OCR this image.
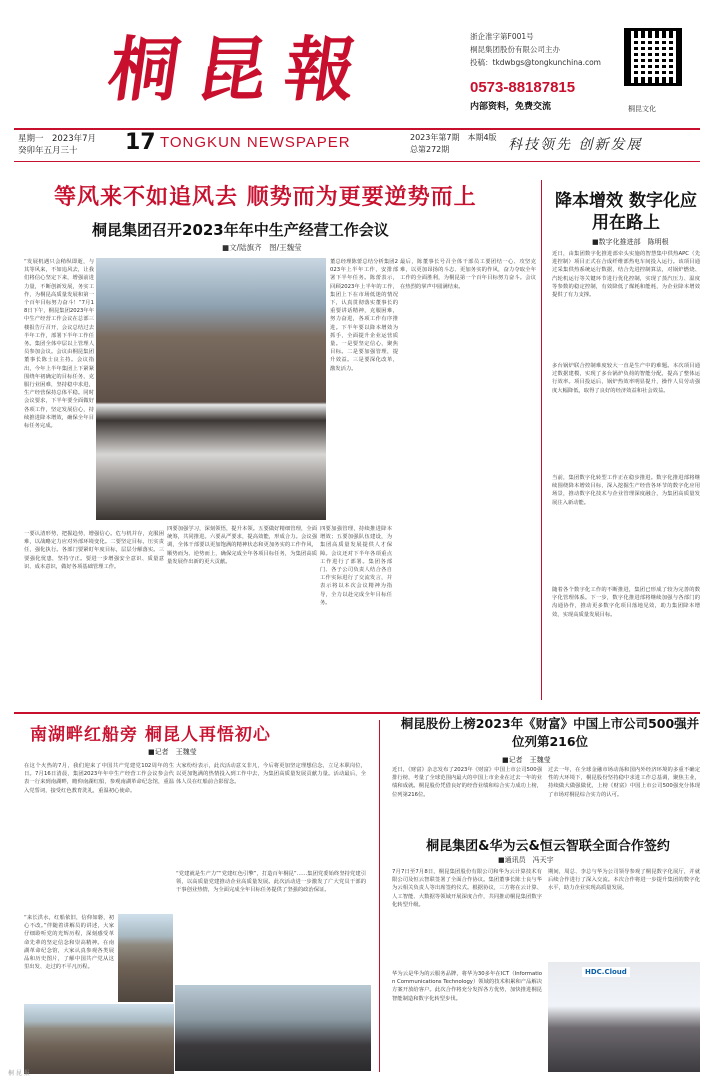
桐昆報	浙企准字第F001号
桐昆集团股份有限公司主办
投稿：tkdwbgs@tongkunchina.com
0573-88187815
内部资料，免费交流	桐昆文化
星期一　2023年7月
癸卯年五月三十	17 TONGKUN NEWSPAPER	2023年第7期　本期4版
总第272期	科技领先 创新发展
等风来不如追风去 顺势而为更要逆势而上
桐昆集团召开2023年年中生产经营工作会议
■文/陆旗齐　图/王魏莹
“发展机遇只会稍纵即逝，与其等风来，不如追风去，让我们将信心坚定下来，增强前进力量，不断创新发展，务实工作，为桐昆高质量发展和第一个百年目标努力奋斗！”7月18日下午，桐昆集团2023年年中生产经营工作会议在总部三楼报告厅召开，会议总结过去半年工作，部署下半年工作任务。集团全体中层以上管理人员参加会议。会议由桐昆集团董事长陈士良主持。会议指出，今年上半年集团上下紧紧围绕年初确定的目标任务，克服行业困难，坚持稳中求进，生产经营保持总体平稳。同时会议要求，下半年要全面做好各项工作，坚定发展信心，持续推进降本增效，确保全年目标任务完成。
一要认清形势，把握趋势，增强信心。危与机并存，克服困难，以战略定力应对外部环境变化。二要坚定目标，压实责任，强化执行。各部门要紧盯年度目标，层层分解落实。三要强化忧患，坚持守正。要进一步增强安全意识、质量意识、成本意识，做好各项基础管理工作。
四要加强学习，深刻领悟，提升本领。五要做好精细管理，全面统筹，共同推进。六要从严要求，提高效能，形成合力。会议强调，全体干部要以更加饱满的精神状态和更加务实的工作作风，顺势而为、逆势而上，确保完成全年各项目标任务，为集团高质量发展作出新的更大贡献。
董总经理陈蕾总结分析集团2023年上半年工作，安排部署下半年任务。陈蕾表示，回顾2023年上半年的工作，集团上下在市场低迷的情况下，认真贯彻落实董事长的重要讲话精神，克服困难，努力奋进，各项工作有序推进。下半年要以降本增效为抓手，全面提升企业运营质量。一是要坚定信心，聚焦目标。二是要加强管理，提升效益。三是要深化改革，激发活力。
四要加强管理，持续推进降本增效；五要加强队伍建设，为集团高质量发展提供人才保障。会议还对下半年各项重点工作进行了部署。集团各部门、各子公司负责人结合各自工作实际进行了交流发言，并表示将以本次会议精神为指导，全力以赴完成全年目标任务。
最后，陈董事长号召全体干部员工要团结一心、攻坚克难，以更加昂扬的斗志、更加务实的作风，奋力夺取全年工作的全面胜利，为桐昆第一个百年目标努力奋斗。会议在热烈的掌声中圆满结束。
降本增效 数字化应用在路上
■数字化推进部　陈明根
近日，由集团数字化推进部牵头实施的智慧集中供热APC（先进控制）项目正式在合成纤维部热电车间投入运行。该项目通过采集供热系统运行数据，结合先进控制算法，对锅炉燃烧、汽轮机运行等关键环节进行优化控制，实现了蒸汽压力、温度等参数的稳定控制，有效降低了煤耗和能耗，为企业降本增效提供了有力支撑。
多台锅炉联合控制难度较大一直是生产中的难题。本次项目通过数据建模，实现了多台锅炉负荷的智能分配，提高了整体运行效率。项目投运后，锅炉热效率明显提升，操作人员劳动强度大幅降低，取得了良好的经济效益和社会效益。
当前，集团数字化转型工作正在稳步推进。数字化推进部将继续围绕降本增效目标，深入挖掘生产经营各环节的数字化应用场景，推动数字化技术与企业管理深度融合，为集团高质量发展注入新动能。
随着各个数字化工作的不断推进，集团已形成了较为完善的数字化管理体系。下一步，数字化推进部将继续加强与各部门的沟通协作，推动更多数字化项目落地见效，助力集团降本增效，实现高质量发展目标。
南湖畔红船旁 桐昆人再悟初心
■记者　王魏莹
在这个火热的7月，我们迎来了中国共产党建党102周年的生日。7月16日清晨，集团2023年年中生产经营工作会议参会代表一行来到南湖畔，瞻仰南湖红船，参观南湖革命纪念馆，重温入党誓词，接受红色教育洗礼，重温初心使命。
“来长洪水，红船依旧，信仰如磐，初心不改。”伴随着讲解员的讲述，大家仔细聆听党的光辉历程，深刻感受革命先辈的坚定信念和崇高精神。在南湖革命纪念馆，大家认真参观各类展品和历史图片，了解中国共产党从这里出发、走过的不平凡历程。
大家纷纷表示，此次活动意义非凡，今后将更加坚定理想信念，立足本职岗位，以更加饱满的热情投入到工作中去，为集团高质量发展贡献力量。活动最后，全体人员在红船前合影留念。
“党建就是生产力”“党建红色引擎”，打造百年桐昆”……集团党委始终坚持党建引领，以高质量党建推动企业高质量发展。此次活动进一步激发了广大党员干部的干事创业热情，为全面完成全年目标任务提供了坚强的政治保证。
桐昆股份上榜2023年《财富》中国上市公司500强并位列第216位
■记者　王魏莹
近日，《财富》杂志发布了2023年《财富》中国上市公司500强排行榜，考量了全球范围内最大的中国上市企业在过去一年的业绩和成就。桐昆股份凭借良好的经营业绩和综合实力成功上榜，位列第216位。
过去一年，在全球金融市场动荡和国内外经济环境的多重不确定性的大环境下，桐昆股份坚持稳中求进工作总基调，聚焦主业，持续做大做强做优，上榜《财富》中国上市公司500强充分体现了市场对桐昆综合实力的认可。
桐昆集团&华为云&恒云智联全面合作签约
■通讯员　冯天宇
7月7日至7月8日，桐昆集团股份有限公司和华为云计算技术有限公司及恒云智联签署了全面合作协议。集团董事长陈士良与华为云相关负责人等出席签约仪式。根据协议，三方将在云计算、人工智能、大数据等领域开展深度合作，共同推动桐昆集团数字化转型升级。
华为云是华为的云服务品牌，将华为30多年在ICT（Information Communications Technology）领域的技术积累和产品解决方案开放给客户。此次合作将充分发挥各方优势，加快推进桐昆智能制造和数字化转型步伐。
期间，周总、李总与华为公司领导参观了桐昆数字化展厅，并就后续合作进行了深入交流。本次合作将进一步提升集团的数字化水平，助力企业实现高质量发展。
HDC.Cloud
桐 昆 报
